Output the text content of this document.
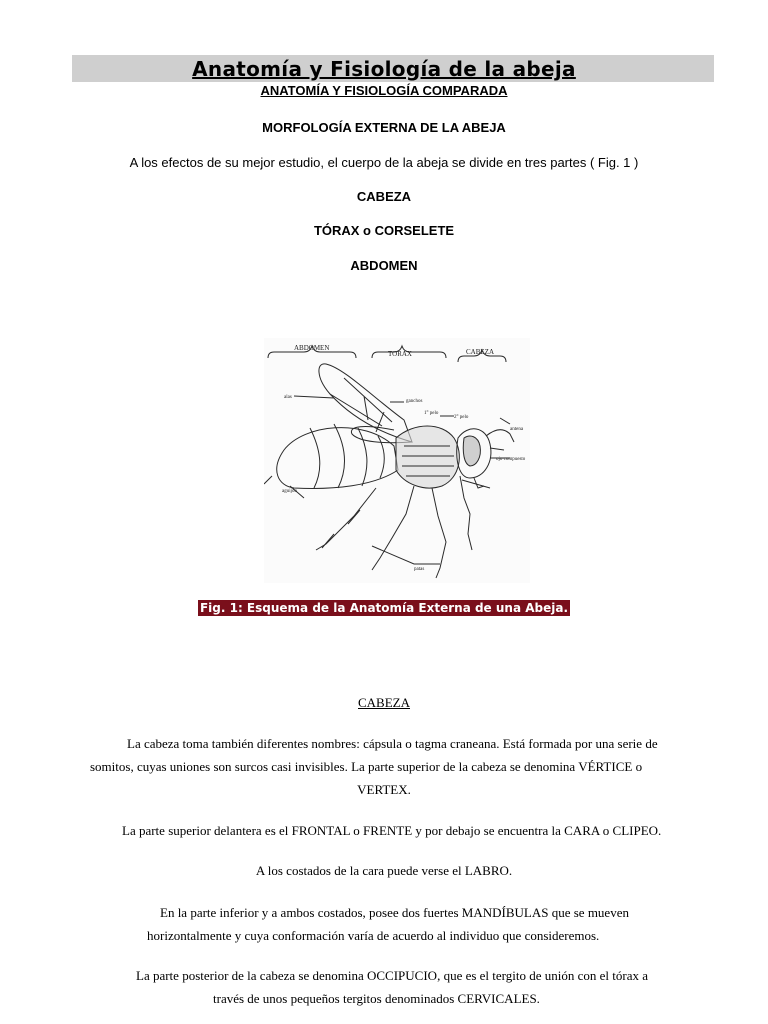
Anatomía y Fisiología de la abeja
ANATOMÍA Y FISIOLOGÍA COMPARADA
MORFOLOGÍA EXTERNA DE LA ABEJA
A los efectos de su mejor estudio, el cuerpo de la abeja se divide en tres partes ( Fig. 1 )
CABEZA
TÓRAX o CORSELETE
ABDOMEN
ABDOMEN
TORAX	CABEZA
alas
ganchos
1° pelo
2° pelo
antena
ojo compuesto
aguijón
patas
Fig. 1: Esquema de la Anatomía Externa de una Abeja.
CABEZA
La cabeza toma también diferentes nombres: cápsula o tagma craneana. Está formada por una serie de
somitos, cuyas uniones son surcos casi invisibles. La parte superior de la cabeza se denomina VÉRTICE o
VERTEX.
La parte superior delantera es el FRONTAL o FRENTE y por debajo se encuentra la CARA o CLIPEO.
A los costados de la cara puede verse el LABRO.
En la parte inferior y a ambos costados, posee dos fuertes MANDÍBULAS que se mueven
horizontalmente y cuya conformación varía de acuerdo al individuo que consideremos.
La parte posterior de la cabeza se denomina OCCIPUCIO, que es el tergito de unión con el tórax a
través de unos pequeños tergitos denominados CERVICALES.
